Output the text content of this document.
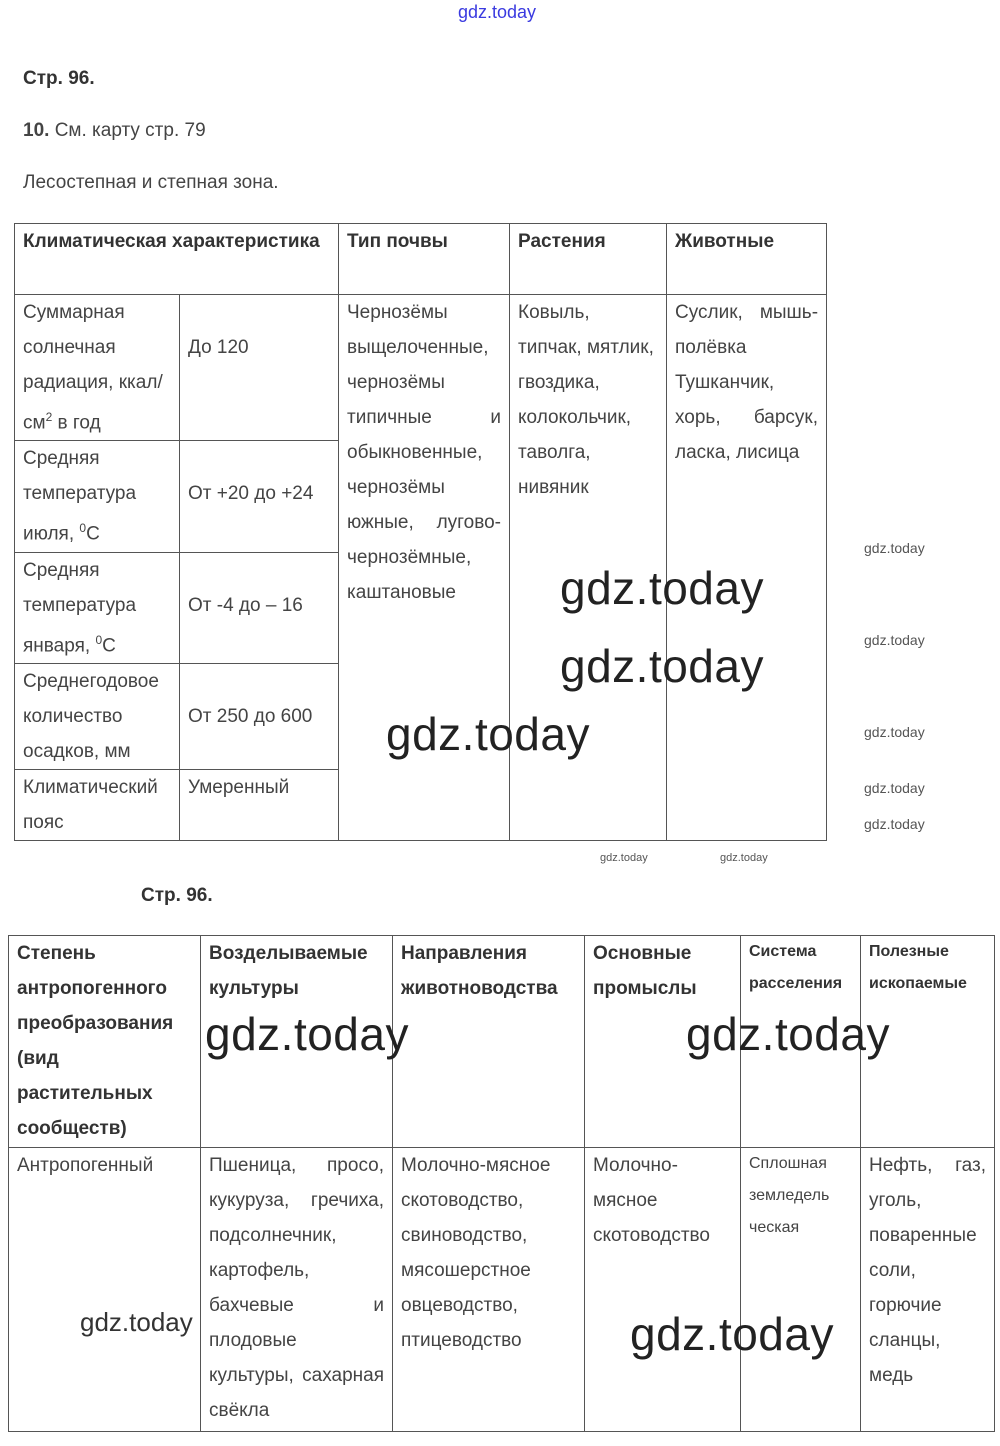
gdz.today
Стр. 96.
10. См. карту стр. 79
Лесостепная и степная зона.
Климатическая характеристика		Тип почвы	Растения	Животные
Суммарная солнечная радиация, ккал/$см^2$ в год	До 120	Чернозёмы выщелоченные, чернозёмы типичные и обыкновенные, чернозёмы южные, лугово-чернозёмные, каштановые	Ковыль, типчак, мятлик, гвоздика, колокольчик, таволга, нивяник	Суслик, мышь-полёвка Тушканчик, хорь, барсук, ласка, лисица
Средняя температура июля, $^0$С	От +20 до +24			
Средняя температура января, $^0$С	От -4 до – 16			
Среднегодовое количество осадков, мм	От 250 до 600			
Климатический пояс	Умеренный			
Стр. 96.
Степень антропогенного преобразования (вид растительных сообществ)	Возделываемые культуры	Направления животноводства	Основные промыслы	Система расселения	Полезные ископаемые
Антропогенный	Пшеница, просо, кукуруза, гречиха, подсолнечник, картофель, бахчевые и плодовые культуры, сахарная свёкла	Молочно-мясное скотоводство, свиноводство, мясошерстное овцеводство, птицеводство	Молочно-мясное скотоводство	Сплошная земледель ческая	Нефть, газ, уголь, поваренные соли, горючие сланцы, медь
gdz.today
gdz.today
gdz.today
gdz.today	gdz.today
gdz.today
gdz.today
gdz.today
gdz.today
gdz.today
gdz.today
gdz.today
gdz.today	gdz.today
